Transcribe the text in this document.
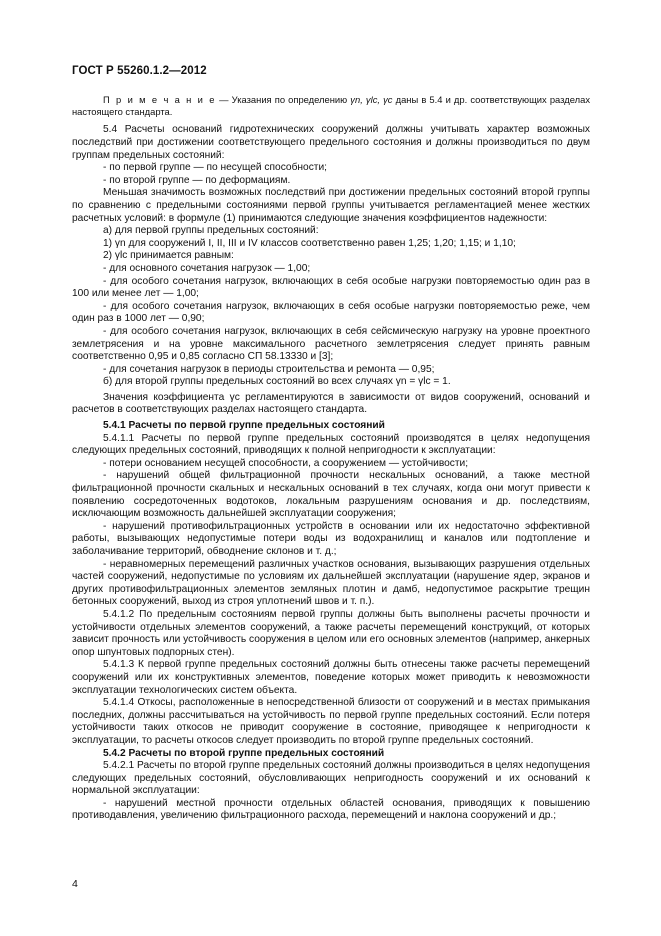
ГОСТ Р 55260.1.2—2012

П р и м е ч а н и е — Указания по определению γn, γlc, γc даны в 5.4 и др. соответствующих разделах настоящего стандарта.

5.4 Расчеты оснований гидротехнических сооружений должны учитывать характер возможных последствий при достижении соответствующего предельного состояния и должны производиться по двум группам предельных состояний:

- по первой группе — по несущей способности;

- по второй группе — по деформациям.

Меньшая значимость возможных последствий при достижении предельных состояний второй группы по сравнению с предельными состояниями первой группы учитывается регламентацией менее жестких расчетных условий: в формуле (1) принимаются следующие значения коэффициентов надежности:

а) для первой группы предельных состояний:

1) γn для сооружений I, II, III и IV классов соответственно равен 1,25; 1,20; 1,15; и 1,10;

2) γlc принимается равным:

- для основного сочетания нагрузок — 1,00;

- для особого сочетания нагрузок, включающих в себя особые нагрузки повторяемостью один раз в 100 или менее лет — 1,00;

- для особого сочетания нагрузок, включающих в себя особые нагрузки повторяемостью реже, чем один раз в 1000 лет — 0,90;

- для особого сочетания нагрузок, включающих в себя сейсмическую нагрузку на уровне проектного землетрясения и на уровне максимального расчетного землетрясения следует принять равным соответственно 0,95 и 0,85 согласно СП 58.13330 и [3];

- для сочетания нагрузок в периоды строительства и ремонта — 0,95;

б) для второй группы предельных состояний во всех случаях γn = γlc = 1.

Значения коэффициента γc регламентируются в зависимости от видов сооружений, оснований и расчетов в соответствующих разделах настоящего стандарта.

5.4.1 Расчеты по первой группе предельных состояний

5.4.1.1 Расчеты по первой группе предельных состояний производятся в целях недопущения следующих предельных состояний, приводящих к полной непригодности к эксплуатации:

- потери основанием несущей способности, а сооружением — устойчивости;

- нарушений общей фильтрационной прочности нескальных оснований, а также местной фильтрационной прочности скальных и нескальных оснований в тех случаях, когда они могут привести к появлению сосредоточенных водотоков, локальным разрушениям основания и др. последствиям, исключающим возможность дальнейшей эксплуатации сооружения;

- нарушений противофильтрационных устройств в основании или их недостаточно эффективной работы, вызывающих недопустимые потери воды из водохранилищ и каналов или подтопление и заболачивание территорий, обводнение склонов и т. д.;

- неравномерных перемещений различных участков основания, вызывающих разрушения отдельных частей сооружений, недопустимые по условиям их дальнейшей эксплуатации (нарушение ядер, экранов и других противофильтрационных элементов земляных плотин и дамб, недопустимое раскрытие трещин бетонных сооружений, выход из строя уплотнений швов и т. п.).

5.4.1.2 По предельным состояниям первой группы должны быть выполнены расчеты прочности и устойчивости отдельных элементов сооружений, а также расчеты перемещений конструкций, от которых зависит прочность или устойчивость сооружения в целом или его основных элементов (например, анкерных опор шпунтовых подпорных стен).

5.4.1.3 К первой группе предельных состояний должны быть отнесены также расчеты перемещений сооружений или их конструктивных элементов, поведение которых может приводить к невозможности эксплуатации технологических систем объекта.

5.4.1.4 Откосы, расположенные в непосредственной близости от сооружений и в местах примыкания последних, должны рассчитываться на устойчивость по первой группе предельных состояний. Если потеря устойчивости таких откосов не приводит сооружение в состояние, приводящее к непригодности к эксплуатации, то расчеты откосов следует производить по второй группе предельных состояний.

5.4.2 Расчеты по второй группе предельных состояний

5.4.2.1 Расчеты по второй группе предельных состояний должны производиться в целях недопущения следующих предельных состояний, обусловливающих непригодность сооружений и их оснований к нормальной эксплуатации:

- нарушений местной прочности отдельных областей основания, приводящих к повышению противодавления, увеличению фильтрационного расхода, перемещений и наклона сооружений и др.;

4
